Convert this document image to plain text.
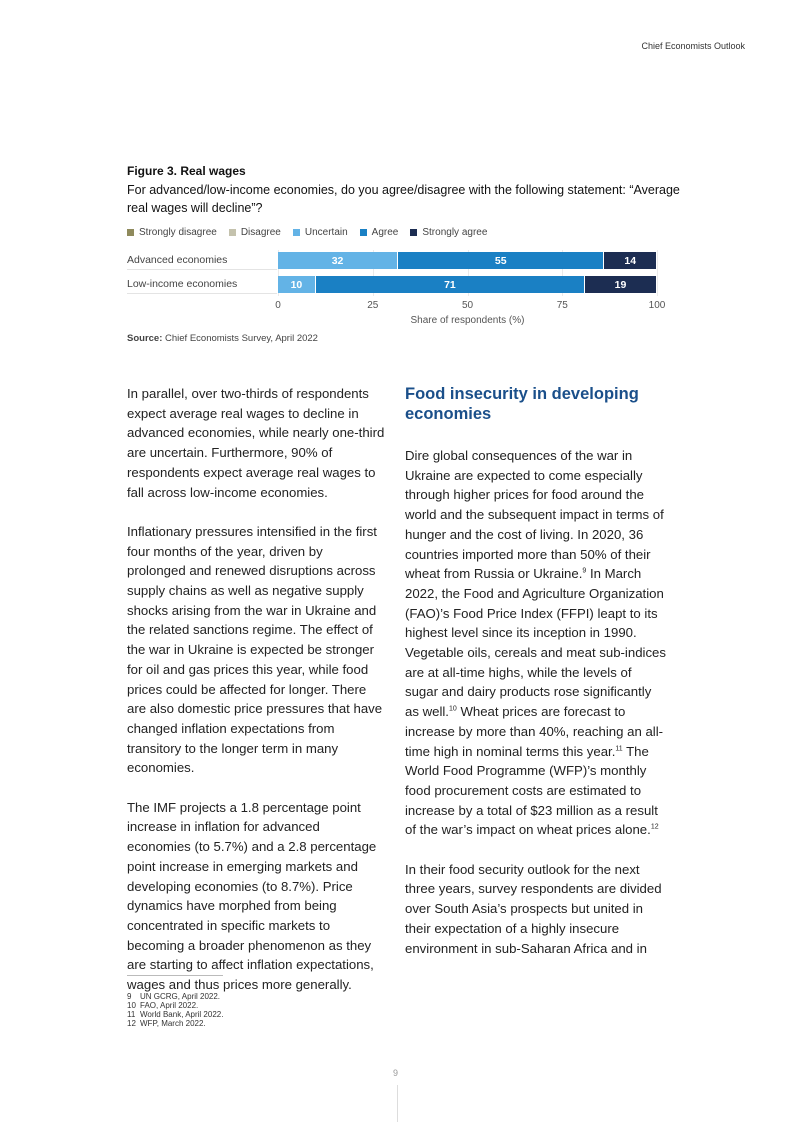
Chief Economists Outlook
Figure 3. Real wages
For advanced/low-income economies, do you agree/disagree with the following statement: “Average real wages will decline”?
Strongly disagree Disagree Uncertain Agree Strongly agree
Share of respondents (%)
Source: Chief Economists Survey, April 2022

In parallel, over two-thirds of respondents expect average real wages to decline in advanced economies, while nearly one-third are uncertain. Furthermore, 90% of respondents expect average real wages to fall across low-income economies.

Inflationary pressures intensified in the first four months of the year, driven by prolonged and renewed disruptions across supply chains as well as negative supply shocks arising from the war in Ukraine and the related sanctions regime. The effect of the war in Ukraine is expected be stronger for oil and gas prices this year, while food prices could be affected for longer. There are also domestic price pressures that have changed inflation expectations from transitory to the longer term in many economies.

The IMF projects a 1.8 percentage point increase in inflation for advanced economies (to 5.7%) and a 2.8 percentage point increase in emerging markets and developing economies (to 8.7%). Price dynamics have morphed from being concentrated in specific markets to becoming a broader phenomenon as they are starting to affect inflation expectations, wages and thus prices more generally.

Food insecurity in developing economies

Dire global consequences of the war in Ukraine are expected to come especially through higher prices for food around the world and the subsequent impact in terms of hunger and the cost of living. In 2020, 36 countries imported more than 50% of their wheat from Russia or Ukraine.$^9$ In March 2022, the Food and Agriculture Organization (FAO)’s Food Price Index (FFPI) leapt to its highest level since its inception in 1990. Vegetable oils, cereals and meat sub-indices are at all-time highs, while the levels of sugar and dairy products rose significantly as well.$^{10}$ Wheat prices are forecast to increase by more than 40%, reaching an all-time high in nominal terms this year.$^{11}$ The World Food Programme (WFP)’s monthly food procurement costs are estimated to increase by a total of $23 million as a result of the war’s impact on wheat prices alone.$^{12}$

In their food security outlook for the next three years, survey respondents are divided over South Asia’s prospects but united in their expectation of a highly insecure environment in sub-Saharan Africa and in

9 UN GCRG, April 2022.
10 FAO, April 2022.
11 World Bank, April 2022.
12 WFP, March 2022.
9
0	25	50	75	100
Advanced economies	32	55	14
Low-income economies	10	71	19
